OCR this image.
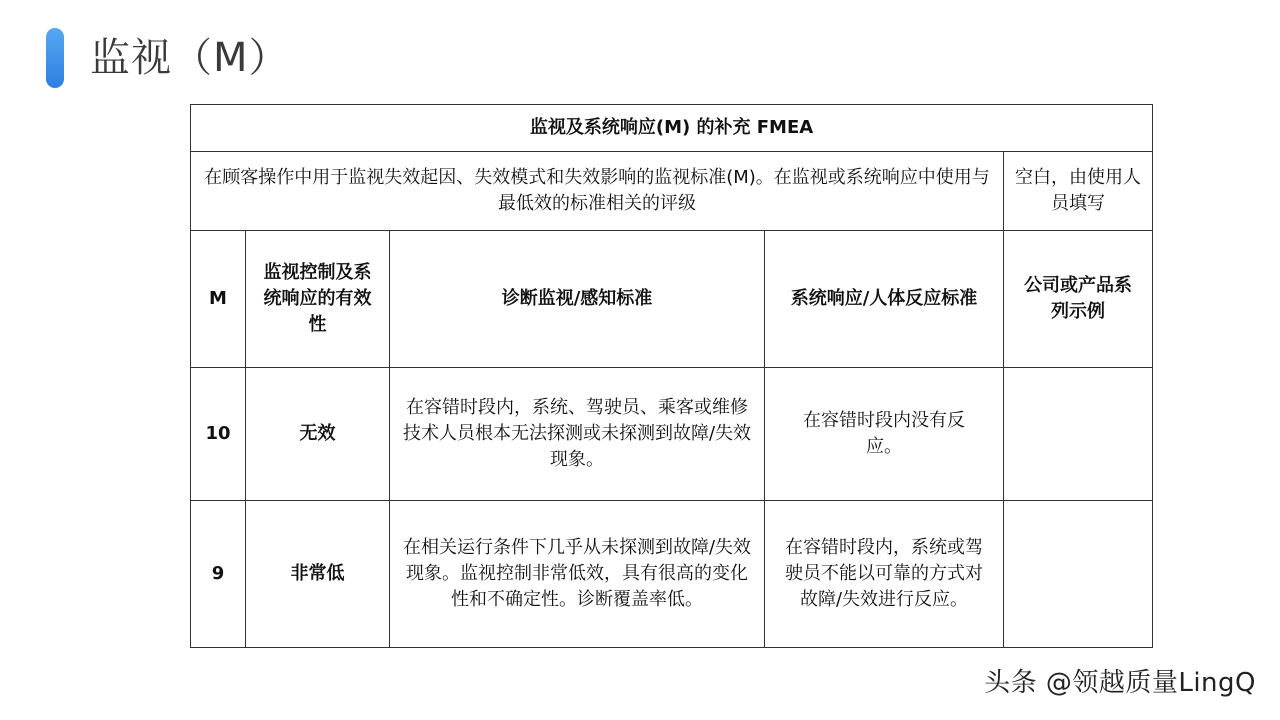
监视（M）
监视及系统响应(M) 的补充 FMEA				
在顾客操作中用于监视失效起因、失效模式和失效影响的监视标准(M)。在监视或系统响应中使用与最低效的标准相关的评级				空白，由使用人员填写
M	监视控制及系统响应的有效性	诊断监视/感知标准	系统响应/人体反应标准	公司或产品系列示例
10	无效	在容错时段内，系统、驾驶员、乘客或维修技术人员根本无法探测或未探测到故障/失效现象。	在容错时段内没有反应。	
9	非常低	在相关运行条件下几乎从未探测到故障/失效现象。监视控制非常低效，具有很高的变化性和不确定性。诊断覆盖率低。	在容错时段内，系统或驾驶员不能以可靠的方式对故障/失效进行反应。	
头条 @领越质量LingQ
